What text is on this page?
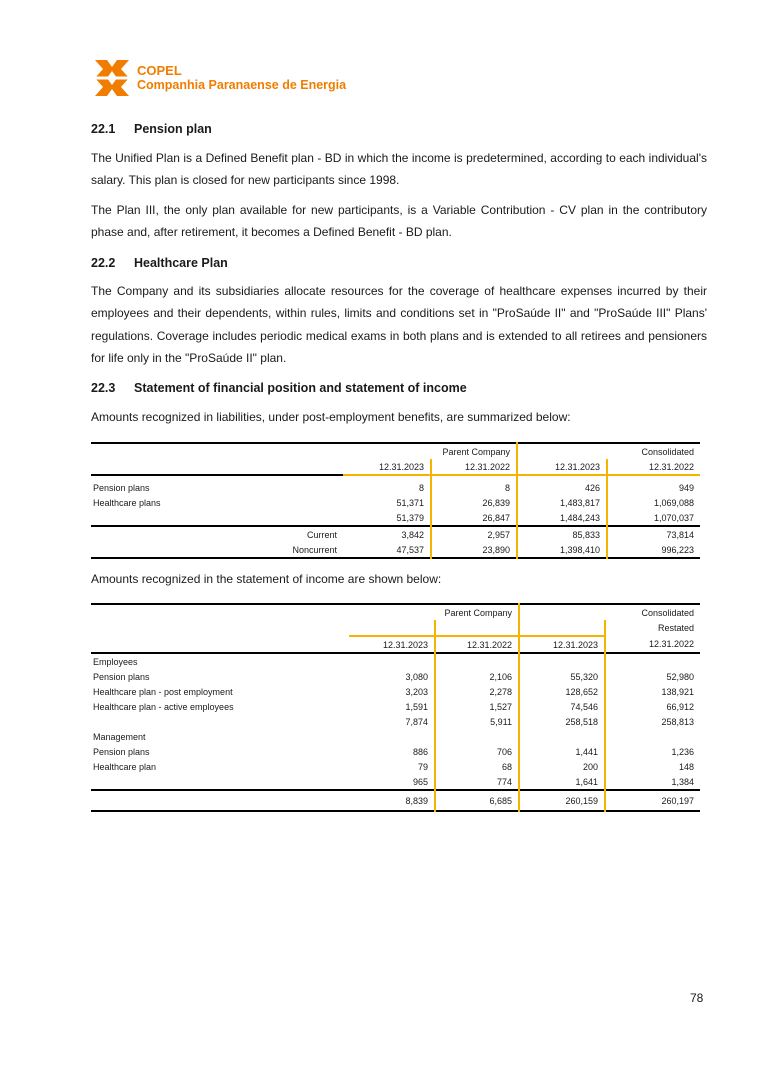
COPEL
Companhia Paranaense de Energia
22.1 Pension plan
The Unified Plan is a Defined Benefit plan - BD in which the income is predetermined, according to each individual's salary. This plan is closed for new participants since 1998.
The Plan III, the only plan available for new participants, is a Variable Contribution - CV plan in the contributory phase and, after retirement, it becomes a Defined Benefit - BD plan.
22.2 Healthcare Plan
The Company and its subsidiaries allocate resources for the coverage of healthcare expenses incurred by their employees and their dependents, within rules, limits and conditions set in "ProSaúde II" and "ProSaúde III" Plans' regulations. Coverage includes periodic medical exams in both plans and is extended to all retirees and pensioners for life only in the "ProSaúde II" plan.
22.3 Statement of financial position and statement of income
Amounts recognized in liabilities, under post-employment benefits, are summarized below:
		Parent Company		Consolidated
	12.31.2023	12.31.2022	12.31.2023	12.31.2022

Pension plans	8	8	426	949
Healthcare plans	51,371	26,839	1,483,817	1,069,088
	51,379	26,847	1,484,243	1,070,037
Current	3,842	2,957	85,833	73,814
Noncurrent	47,537	23,890	1,398,410	996,223
Amounts recognized in the statement of income are shown below:
		Parent Company		Consolidated
				Restated
	12.31.2023	12.31.2022	12.31.2023	12.31.2022
Employees				
Pension plans	3,080	2,106	55,320	52,980
Healthcare plan - post employment	3,203	2,278	128,652	138,921
Healthcare plan - active employees	1,591	1,527	74,546	66,912
	7,874	5,911	258,518	258,813
Management				
Pension plans	886	706	1,441	1,236
Healthcare plan	79	68	200	148
	965	774	1,641	1,384
	8,839	6,685	260,159	260,197
78
